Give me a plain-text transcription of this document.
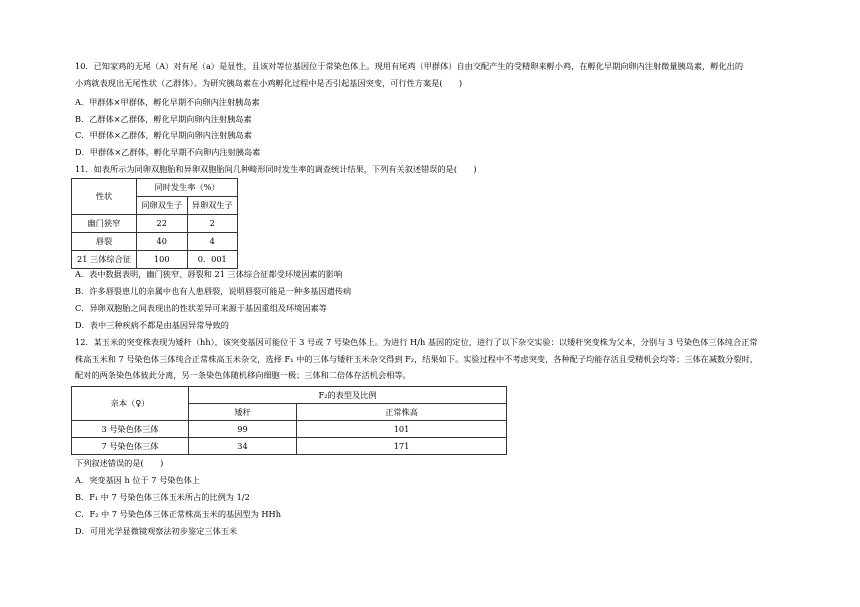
10．已知家鸡的无尾（A）对有尾（a）是显性，且该对等位基因位于常染色体上。现用有尾鸡（甲群体）自由交配产生的受精卵来孵小鸡，在孵化早期向卵内注射微量胰岛素，孵化出的
小鸡就表现出无尾性状（乙群体）。为研究胰岛素在小鸡孵化过程中是否引起基因突变，可行性方案是(　　)
A．甲群体×甲群体，孵化早期不向卵内注射胰岛素
B．乙群体×乙群体，孵化早期向卵内注射胰岛素
C．甲群体×乙群体，孵化早期向卵内注射胰岛素
D．甲群体×乙群体，孵化早期不向卵内注射胰岛素
11．如表所示为同卵双胞胎和异卵双胞胎间几种畸形同时发生率的调查统计结果，下列有关叙述错误的是(　　)
性状	同时发生率（%）	
	同卵双生子	异卵双生子
幽门狭窄	22	2
唇裂	40	4
21 三体综合征	100	0．001
A．表中数据表明，幽门狭窄、唇裂和 21 三体综合征都受环境因素的影响
B．许多唇裂患儿的亲属中也有人患唇裂，说明唇裂可能是一种多基因遗传病
C．异卵双胞胎之间表现出的性状差异可来源于基因重组及环境因素等
D．表中三种疾病不都是由基因异常导致的
12．某玉米的突变株表现为矮秆（hh），该突变基因可能位于 3 号或 7 号染色体上。为进行 H/h 基因的定位，进行了以下杂交实验：以矮秆突变株为父本，分别与 3 号染色体三体纯合正常
株高玉米和 7 号染色体三体纯合正常株高玉米杂交，选择 F₁ 中的三体与矮秆玉米杂交得到 F₂，结果如下。实验过程中不考虑突变，各种配子均能存活且受精机会均等；三体在减数分裂时，
配对的两条染色体彼此分离，另一条染色体随机移向细胞一极；三体和二倍体存活机会相等。
亲本（♀）	F₂的表型及比例	
	矮秆	正常株高
3 号染色体三体	99	101
7 号染色体三体	34	171
下列叙述错误的是(　　)
A．突变基因 h 位于 7 号染色体上
B．F₁ 中 7 号染色体三体玉米所占的比例为 1/2
C．F₂ 中 7 号染色体三体正常株高玉米的基因型为 HHh
D．可用光学显微镜观察法初步鉴定三体玉米
